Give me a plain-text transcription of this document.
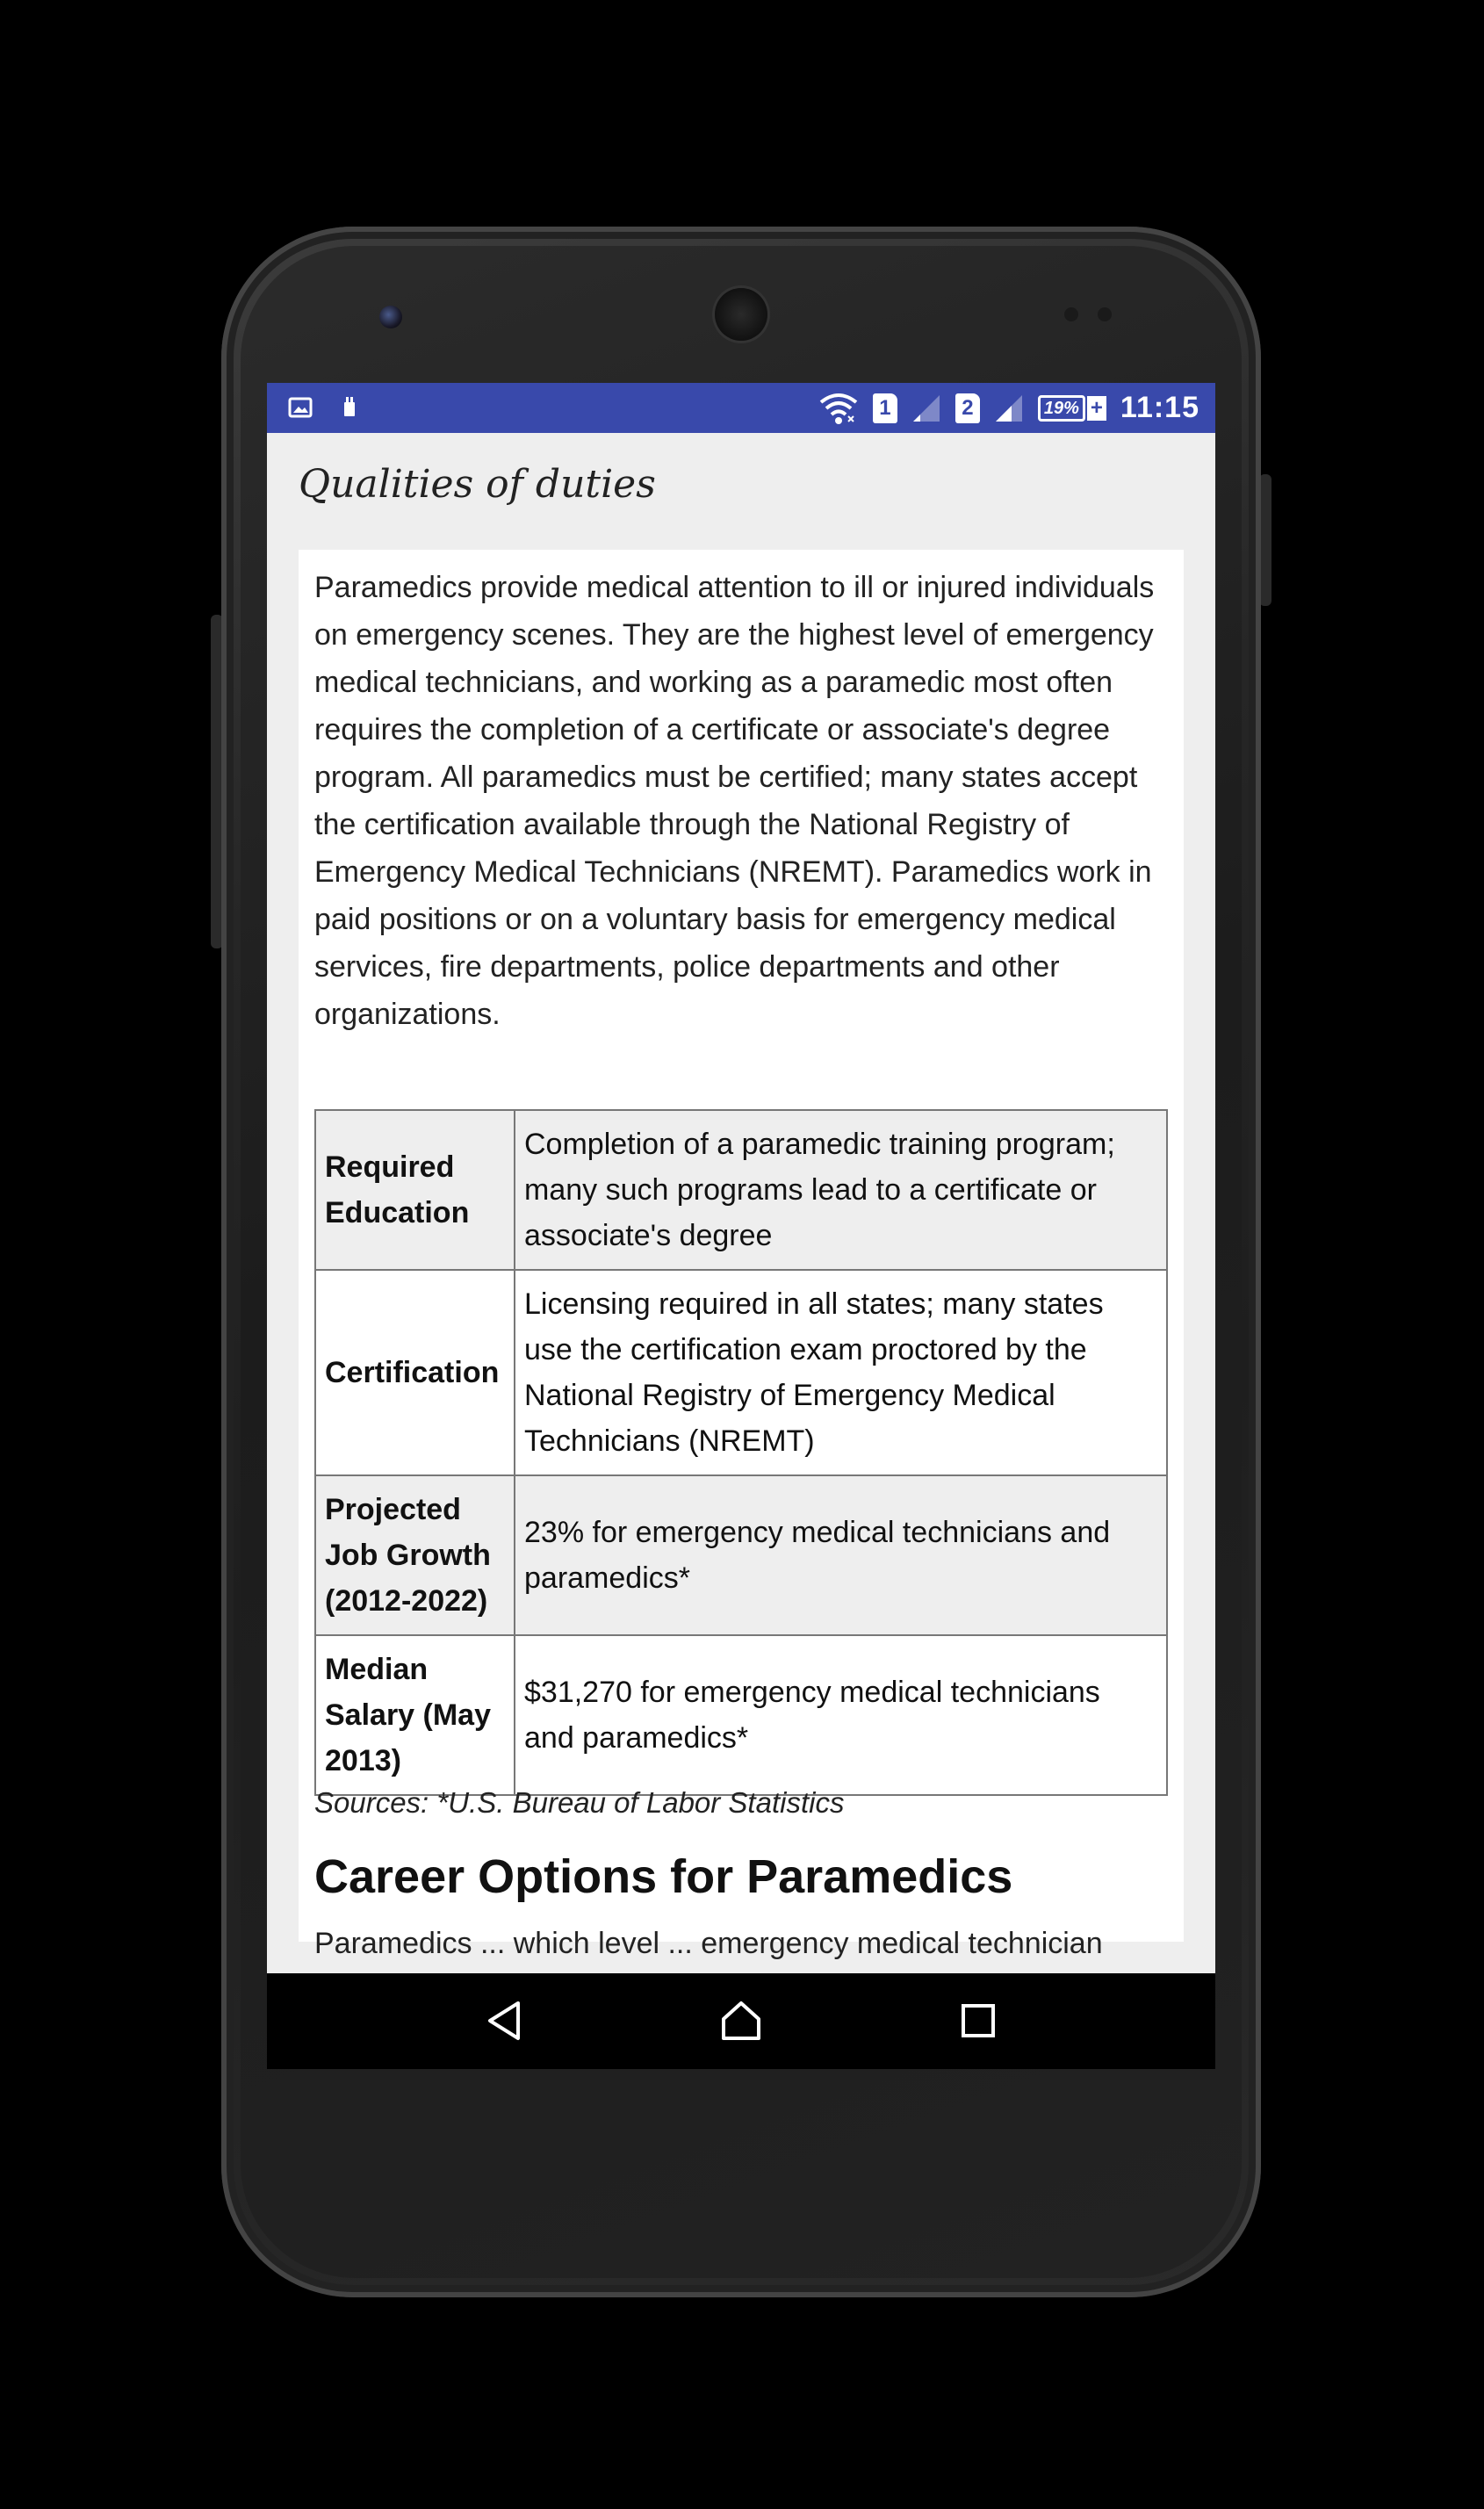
1	2	19% + 11:15
Qualities of duties
Paramedics provide medical attention to ill or injured individuals on emergency scenes. They are the highest level of emergency medical technicians, and working as a paramedic most often requires the completion of a certificate or associate's degree program. All paramedics must be certified; many states accept the certification available through the National Registry of Emergency Medical Technicians (NREMT). Paramedics work in paid positions or on a voluntary basis for emergency medical services, fire departments, police departments and other organizations.
Required Education	Completion of a paramedic training program; many such programs lead to a certificate or associate's degree
Certification	Licensing required in all states; many states use the certification exam proctored by the National Registry of Emergency Medical Technicians (NREMT)
Projected Job Growth (2012-2022)	23% for emergency medical technicians and paramedics*
Median Salary (May 2013)	$31,270 for emergency medical technicians and paramedics*
Sources: *U.S. Bureau of Labor Statistics
Career Options for Paramedics
Paramedics ... which level ... emergency medical technician
